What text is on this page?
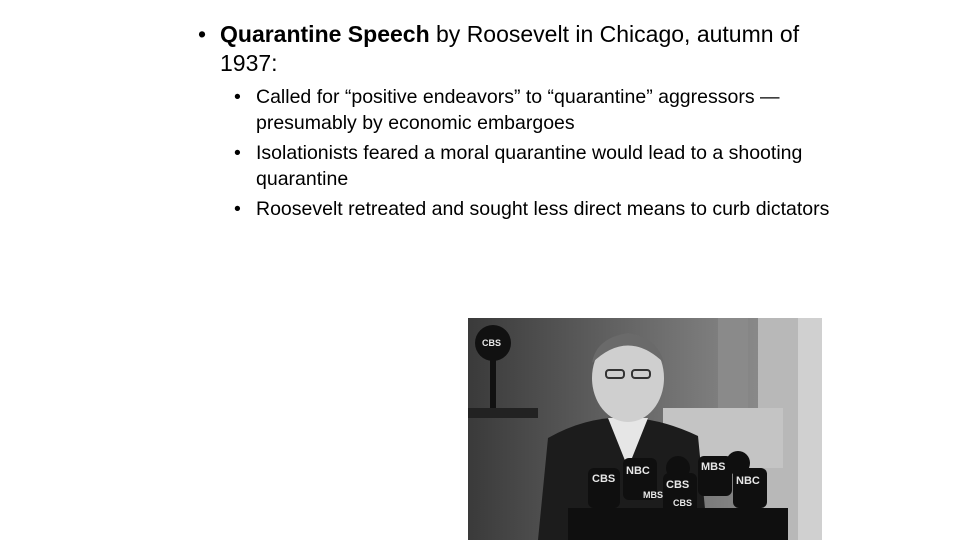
• Quarantine Speech by Roosevelt in Chicago, autumn of 1937:
• Called for “positive endeavors” to “quarantine” aggressors —presumably by economic embargoes
• Isolationists feared a moral quarantine would lead to a shooting quarantine
• Roosevelt retreated and sought less direct means to curb dictators
CBS
NBC
CBS
MBS
NBC
CBS
MBS
CBS
